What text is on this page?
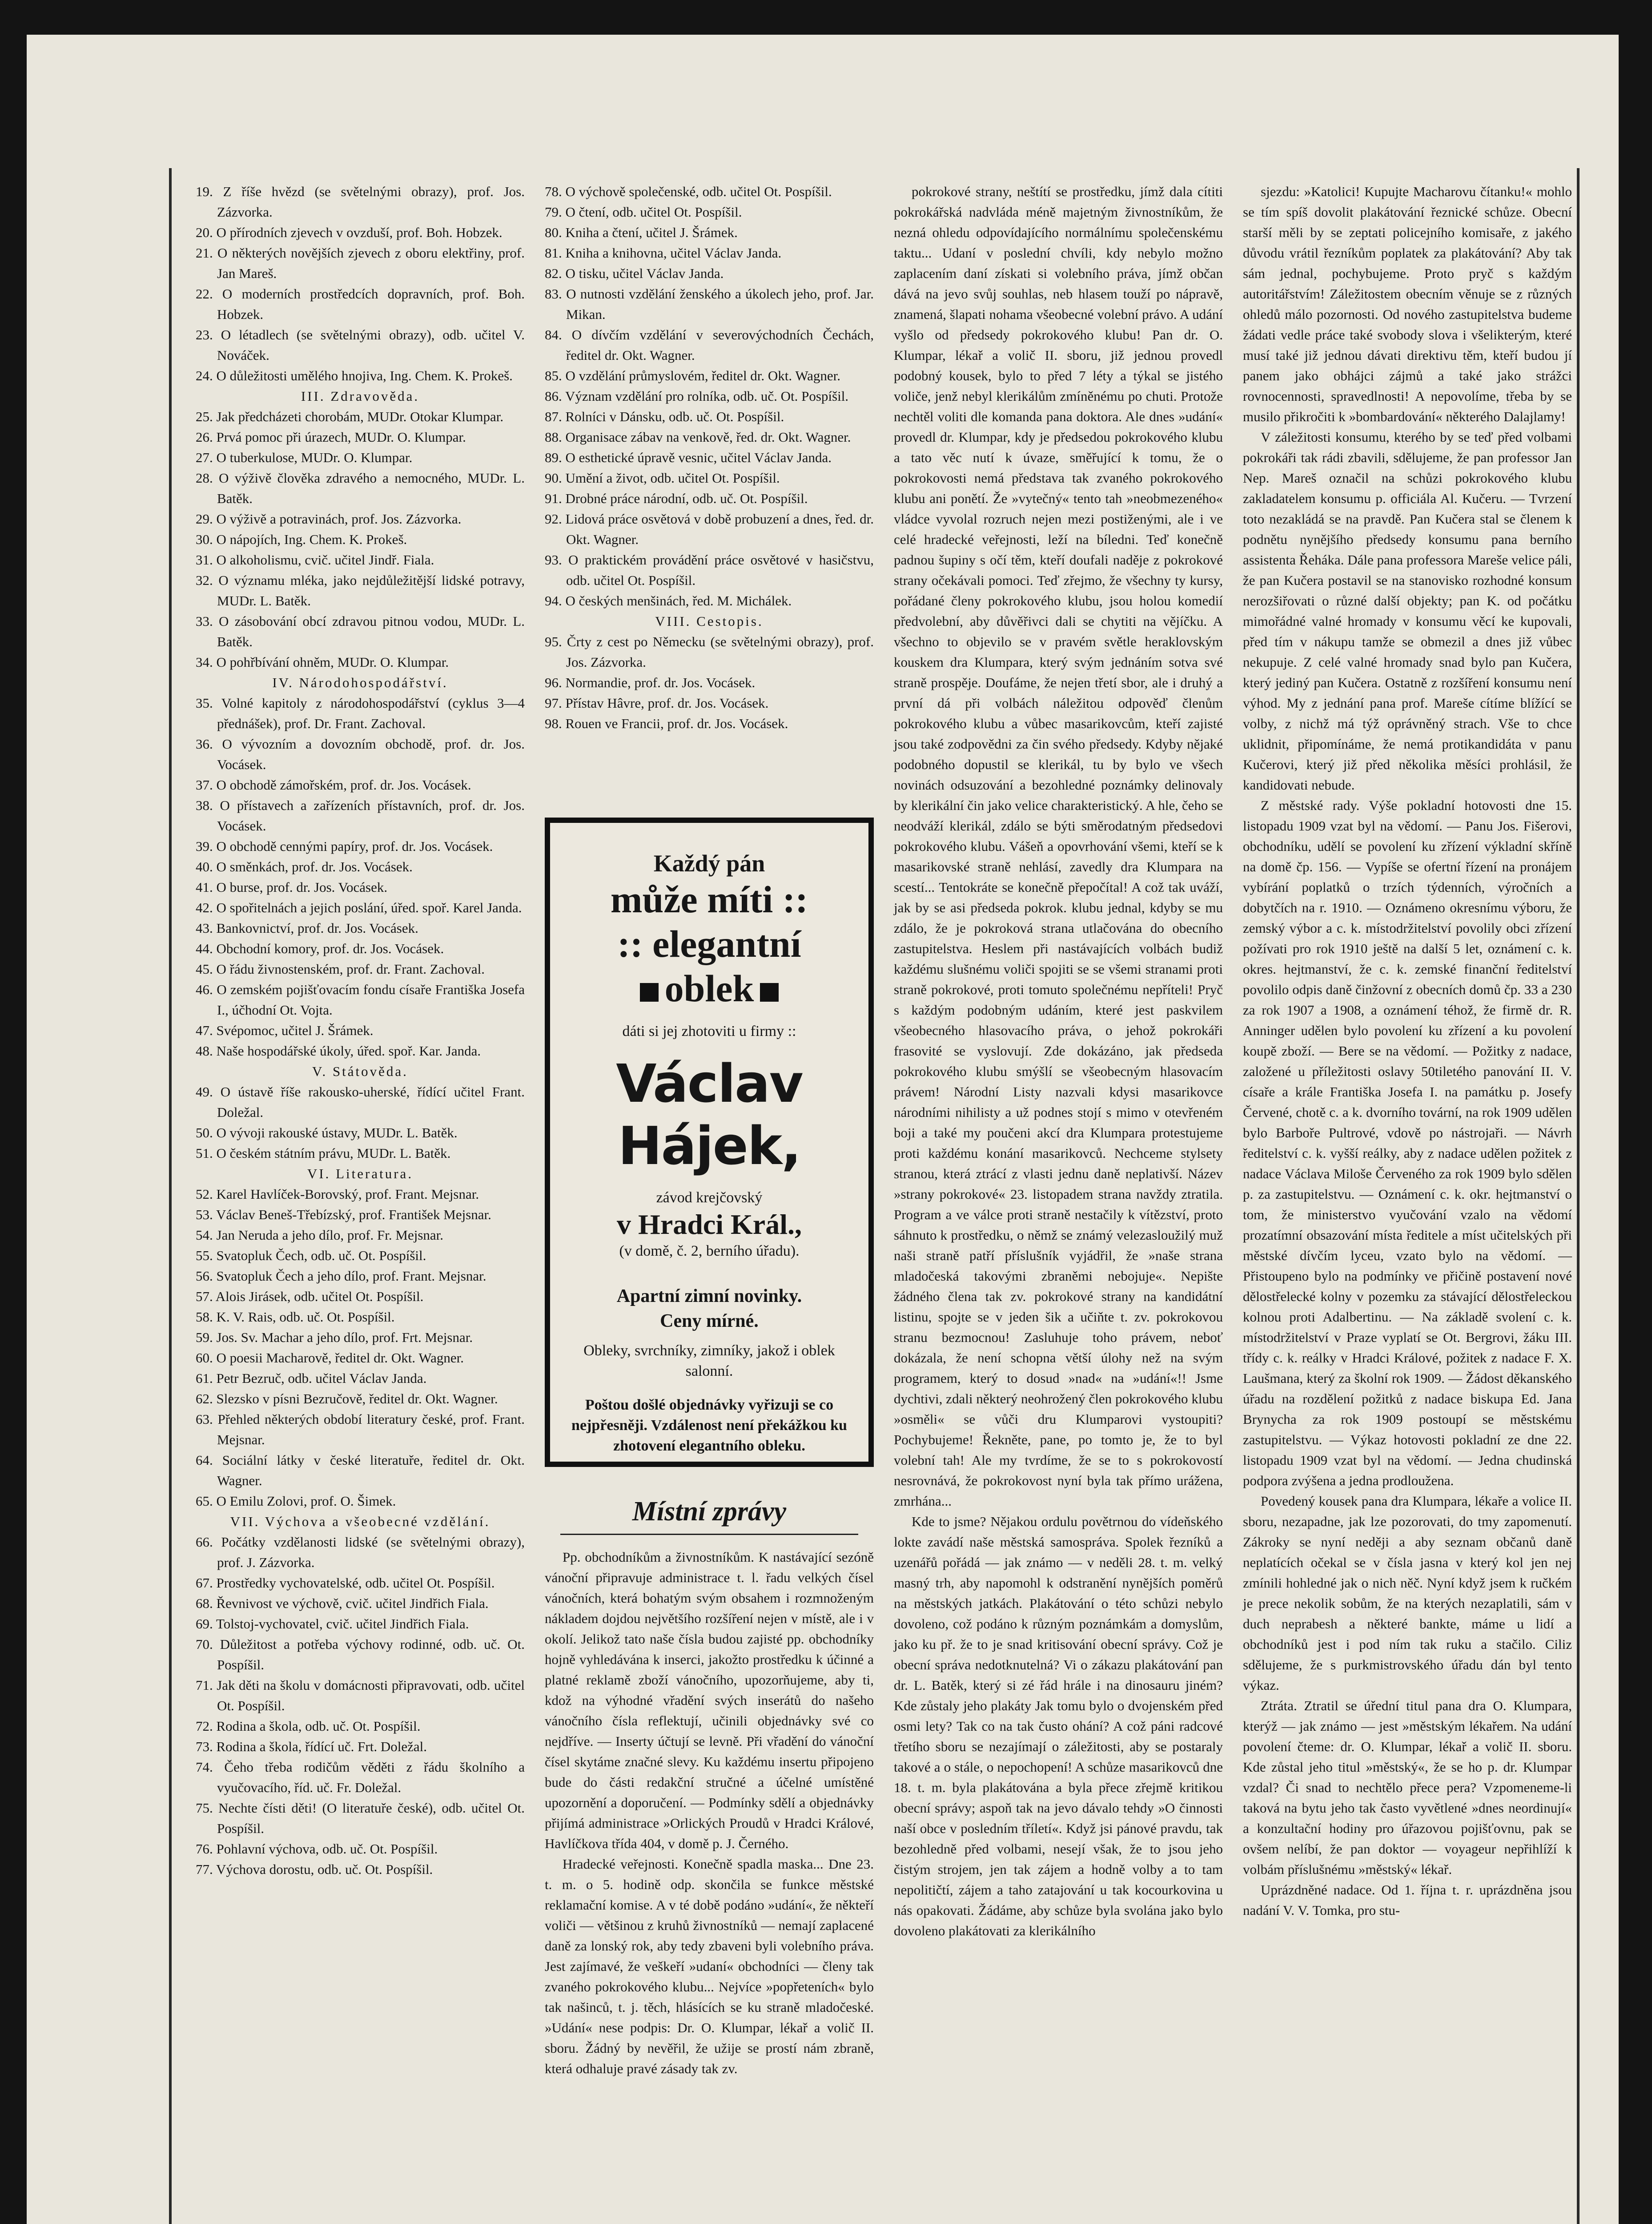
19. Z říše hvězd (se světelnými obrazy), prof. Jos. Zázvorka.

20. O přírodních zjevech v ovzduší, prof. Boh. Hobzek.

21. O některých novějších zjevech z oboru elektřiny, prof. Jan Mareš.

22. O moderních prostředcích dopravních, prof. Boh. Hobzek.

23. O létadlech (se světelnými obrazy), odb. učitel V. Nováček.

24. O důležitosti umělého hnojiva, Ing. Chem. K. Prokeš.

III. Zdravověda.

25. Jak předcházeti chorobám, MUDr. Otokar Klumpar.

26. Prvá pomoc při úrazech, MUDr. O. Klumpar.

27. O tuberkulose, MUDr. O. Klumpar.

28. O výživě člověka zdravého a nemocného, MUDr. L. Batěk.

29. O výživě a potravinách, prof. Jos. Zázvorka.

30. O nápojích, Ing. Chem. K. Prokeš.

31. O alkoholismu, cvič. učitel Jindř. Fiala.

32. O významu mléka, jako nejdůležitější lidské potravy, MUDr. L. Batěk.

33. O zásobování obcí zdravou pitnou vodou, MUDr. L. Batěk.

34. O pohřbívání ohněm, MUDr. O. Klumpar.

IV. Národohospodářství.

35. Volné kapitoly z národohospodářství (cyklus 3—4 přednášek), prof. Dr. Frant. Zachoval.

36. O vývozním a dovozním obchodě, prof. dr. Jos. Vocásek.

37. O obchodě zámořském, prof. dr. Jos. Vocásek.

38. O přístavech a zařízeních přístavních, prof. dr. Jos. Vocásek.

39. O obchodě cennými papíry, prof. dr. Jos. Vocásek.

40. O směnkách, prof. dr. Jos. Vocásek.

41. O burse, prof. dr. Jos. Vocásek.

42. O spořitelnách a jejich poslání, úřed. spoř. Karel Janda.

43. Bankovnictví, prof. dr. Jos. Vocásek.

44. Obchodní komory, prof. dr. Jos. Vocásek.

45. O řádu živnostenském, prof. dr. Frant. Zachoval.

46. O zemském pojišťovacím fondu císaře Františka Josefa I., účhodní Ot. Vojta.

47. Svépomoc, učitel J. Šrámek.

48. Naše hospodářské úkoly, úřed. spoř. Kar. Janda.

V. Státověda.

49. O ústavě říše rakousko-uherské, řídící učitel Frant. Doležal.

50. O vývoji rakouské ústavy, MUDr. L. Batěk.

51. O českém státním právu, MUDr. L. Batěk.

VI. Literatura.

52. Karel Havlíček-Borovský, prof. Frant. Mejsnar.

53. Václav Beneš-Třebízský, prof. František Mejsnar.

54. Jan Neruda a jeho dílo, prof. Fr. Mejsnar.

55. Svatopluk Čech, odb. uč. Ot. Pospíšil.

56. Svatopluk Čech a jeho dílo, prof. Frant. Mejsnar.

57. Alois Jirásek, odb. učitel Ot. Pospíšil.

58. K. V. Rais, odb. uč. Ot. Pospíšil.

59. Jos. Sv. Machar a jeho dílo, prof. Frt. Mejsnar.

60. O poesii Macharově, ředitel dr. Okt. Wagner.

61. Petr Bezruč, odb. učitel Václav Janda.

62. Slezsko v písni Bezručově, ředitel dr. Okt. Wagner.

63. Přehled některých období literatury české, prof. Frant. Mejsnar.

64. Sociální látky v české literatuře, ředitel dr. Okt. Wagner.

65. O Emilu Zolovi, prof. O. Šimek.

VII. Výchova a všeobecné vzdělání.

66. Počátky vzdělanosti lidské (se světelnými obrazy), prof. J. Zázvorka.

67. Prostředky vychovatelské, odb. učitel Ot. Pospíšil.

68. Řevnivost ve výchově, cvič. učitel Jindřich Fiala.

69. Tolstoj-vychovatel, cvič. učitel Jindřich Fiala.

70. Důležitost a potřeba výchovy rodinné, odb. uč. Ot. Pospíšil.

71. Jak děti na školu v domácnosti připravovati, odb. učitel Ot. Pospíšil.

72. Rodina a škola, odb. uč. Ot. Pospíšil.

73. Rodina a škola, řídící uč. Frt. Doležal.

74. Čeho třeba rodičům věděti z řádu školního a vyučovacího, říd. uč. Fr. Doležal.

75. Nechte čísti děti! (O literatuře české), odb. učitel Ot. Pospíšil.

76. Pohlavní výchova, odb. uč. Ot. Pospíšil.

77. Výchova dorostu, odb. uč. Ot. Pospíšil.

78. O výchově společenské, odb. učitel Ot. Pospíšil.

79. O čtení, odb. učitel Ot. Pospíšil.

80. Kniha a čtení, učitel J. Šrámek.

81. Kniha a knihovna, učitel Václav Janda.

82. O tisku, učitel Václav Janda.

83. O nutnosti vzdělání ženského a úkolech jeho, prof. Jar. Mikan.

84. O dívčím vzdělání v severovýchodních Čechách, ředitel dr. Okt. Wagner.

85. O vzdělání průmyslovém, ředitel dr. Okt. Wagner.

86. Význam vzdělání pro rolníka, odb. uč. Ot. Pospíšil.

87. Rolníci v Dánsku, odb. uč. Ot. Pospíšil.

88. Organisace zábav na venkově, řed. dr. Okt. Wagner.

89. O esthetické úpravě vesnic, učitel Václav Janda.

90. Umění a život, odb. učitel Ot. Pospíšil.

91. Drobné práce národní, odb. uč. Ot. Pospíšil.

92. Lidová práce osvětová v době probuzení a dnes, řed. dr. Okt. Wagner.

93. O praktickém provádění práce osvětové v hasičstvu, odb. učitel Ot. Pospíšil.

94. O českých menšinách, řed. M. Michálek.

VIII. Cestopis.

95. Črty z cest po Německu (se světelnými obrazy), prof. Jos. Zázvorka.

96. Normandie, prof. dr. Jos. Vocásek.

97. Přístav Hâvre, prof. dr. Jos. Vocásek.

98. Rouen ve Francii, prof. dr. Jos. Vocásek.

Každý pán
může míti ::
:: elegantní
oblek
dáti si jej zhotoviti u firmy ::
Václav Hájek,
závod krejčovský
v Hradci Král.,
(v domě, č. 2, berního úřadu).
Apartní zimní novinky.
Ceny mírné.
Obleky, svrchníky, zimníky, jakož i oblek salonní.
Poštou došlé objednávky vyřizuji se co nejpřesněji. Vzdálenost není překážkou ku zhotovení elegantního obleku.
Místní zprávy

Pp. obchodníkům a živnostníkům. K nastávající sezóně vánoční připravuje administrace t. l. řadu velkých čísel vánočních, která bohatým svým obsahem i rozmnoženým nákladem dojdou největšího rozšíření nejen v místě, ale i v okolí. Jelikož tato naše čísla budou zajisté pp. obchodníky hojně vyhledávána k inserci, jakožto prostředku k účinné a platné reklamě zboží vánočního, upozorňujeme, aby ti, kdož na výhodné vřadění svých inserátů do našeho vánočního čísla reflektují, učinili objednávky své co nejdříve. — Inserty účtují se levně. Při vřadění do vánoční čísel skytáme značné slevy. Ku každému insertu připojeno bude do části redakční stručné a účelné umístěné upozornění a doporučení. — Podmínky sdělí a objednávky přijímá administrace »Orlických Proudů v Hradci Králové, Havlíčkova třída 404, v domě p. J. Černého.

Hradecké veřejnosti. Konečně spadla maska... Dne 23. t. m. o 5. hodině odp. skončila se funkce městské reklamační komise. A v té době podáno »udání«, že někteří voliči — většinou z kruhů živnostníků — nemají zaplacené daně za lonský rok, aby tedy zbaveni byli volebního práva. Jest zajímavé, že veškeří »udaní« obchodníci — členy tak zvaného pokrokového klubu... Nejvíce »popřeteních« bylo tak našinců, t. j. těch, hlásících se ku straně mladočeské. »Udání« nese podpis: Dr. O. Klumpar, lékař a volič II. sboru. Žádný by nevěřil, že užije se prostí nám zbraně, která odhaluje pravé zásady tak zv.

pokrokové strany, neštítí se prostředku, jímž dala cítiti pokrokářská nadvláda méně majetným živnostníkům, že nezná ohledu odpovídajícího normálnímu společenskému taktu... Udaní v poslední chvíli, kdy nebylo možno zaplacením daní získati si volebního práva, jímž občan dává na jevo svůj souhlas, neb hlasem touží po nápravě, znamená, šlapati nohama všeobecné volební právo. A udání vyšlo od předsedy pokrokového klubu! Pan dr. O. Klumpar, lékař a volič II. sboru, již jednou provedl podobný kousek, bylo to před 7 léty a týkal se jistého voliče, jenž nebyl klerikálům zmíněnému po chuti. Protože nechtěl voliti dle komanda pana doktora. Ale dnes »udání« provedl dr. Klumpar, kdy je předsedou pokrokového klubu a tato věc nutí k úvaze, směřující k tomu, že o pokrokovosti nemá představa tak zvaného pokrokového klubu ani ponětí. Že »vytečný« tento tah »neobmezeného« vládce vyvolal rozruch nejen mezi postiženými, ale i ve celé hradecké veřejnosti, leží na bíledni. Teď konečně padnou šupiny s očí těm, kteří doufali naděje z pokrokové strany očekávali pomoci. Teď zřejmo, že všechny ty kursy, pořádané členy pokrokového klubu, jsou holou komedií předvolební, aby důvěřivci dali se chytiti na vějíčku. A všechno to objevilo se v pravém světle heraklovským kouskem dra Klumpara, který svým jednáním sotva své straně prospěje. Doufáme, že nejen třetí sbor, ale i druhý a první dá při volbách náležitou odpověď členům pokrokového klubu a vůbec masarikovcům, kteří zajisté jsou také zodpovědni za čin svého předsedy. Kdyby nějaké podobného dopustil se klerikál, tu by bylo ve všech novinách odsuzování a bezohledné poznámky delinovaly by klerikální čin jako velice charakteristický. A hle, čeho se neodváží klerikál, zdálo se býti směrodatným předsedovi pokrokového klubu. Vášeň a opovrhování všemi, kteří se k masarikovské straně nehlásí, zavedly dra Klumpara na scestí... Tentokráte se konečně přepočítal! A což tak uváží, jak by se asi předseda pokrok. klubu jednal, kdyby se mu zdálo, že je pokroková strana utlačována do obecního zastupitelstva. Heslem při nastávajících volbách budiž každému slušnému voliči spojiti se se všemi stranami proti straně pokrokové, proti tomuto společnému nepříteli! Pryč s každým podobným udáním, které jest paskvilem všeobecného hlasovacího práva, o jehož pokrokáři frasovité se vyslovují. Zde dokázáno, jak předseda pokrokového klubu smýšlí se všeobecným hlasovacím právem! Národní Listy nazvali kdysi masarikovce národními nihilisty a už podnes stojí s mimo v otevřeném boji a také my poučeni akcí dra Klumpara protestujeme proti každému konání masarikovců. Nechceme stylsety stranou, která ztrácí z vlasti jednu daně neplativší. Název »strany pokrokové« 23. listopadem strana navždy ztratila. Program a ve válce proti straně nestačily k vítězství, proto sáhnuto k prostředku, o němž se známý velezasloužilý muž naši straně patří příslušník vyjádřil, že »naše strana mladočeská takovými zbraněmi nebojuje«. Nepište žádného člena tak zv. pokrokové strany na kandidátní listinu, spojte se v jeden šik a učiňte t. zv. pokrokovou stranu bezmocnou! Zasluhuje toho právem, neboť dokázala, že není schopna větší úlohy než na svým programem, který to dosud »nad« na »udání«!! Jsme dychtivi, zdali některý neohrožený člen pokrokového klubu »osměli« se vůči dru Klumparovi vystoupiti? Pochybujeme! Řekněte, pane, po tomto je, že to byl volební tah! Ale my tvrdíme, že se to s pokrokovostí nesrovnává, že pokrokovost nyní byla tak přímo urážena, zmrhána...

Kde to jsme? Nějakou ordulu povětrnou do vídeňského lokte zavádí naše městská samospráva. Spolek řezníků a uzenářů pořádá — jak známo — v neděli 28. t. m. velký masný trh, aby napomohl k odstranění nynějších poměrů na městských jatkách. Plakátování o této schůzi nebylo dovoleno, což podáno k různým poznámkám a domyslům, jako ku př. že to je snad kritisování obecní správy. Což je obecní správa nedotknutelná? Vi o zákazu plakátování pan dr. L. Batěk, který si zé řád hrále i na dinosauru jiném? Kde zůstaly jeho plakáty Jak tomu bylo o dvojenském před osmi lety? Tak co na tak čusto ohání? A což páni radcové třetího sboru se nezajímají o záležitosti, aby se postaraly takové a o stále, o nepochopení! A schůze masarikovců dne 18. t. m. byla plakátována a byla přece zřejmě kritikou obecní správy; aspoň tak na jevo dávalo tehdy »O činnosti naší obce v posledním tříletí«. Když jsi pánové pravdu, tak bezohledně před volbami, nesejí však, že to jsou jeho čistým strojem, jen tak zájem a hodně volby a to tam nepolitičtí, zájem a taho zatajování u tak kocourkovina u nás opakovati. Žádáme, aby schůze byla svolána jako bylo dovoleno plakátovati za klerikálního

sjezdu: »Katolici! Kupujte Macharovu čítanku!« mohlo se tím spíš dovolit plakátování řeznické schůze. Obecní starší měli by se zeptati policejního komisaře, z jakého důvodu vrátil řezníkům poplatek za plakátování? Aby tak sám jednal, pochybujeme. Proto pryč s každým autoritářstvím! Záležitostem obecním věnuje se z různých ohledů málo pozornosti. Od nového zastupitelstva budeme žádati vedle práce také svobody slova i všelikterým, které musí také již jednou dávati direktivu těm, kteří budou jí panem jako obhájci zájmů a také jako strážci rovnocennosti, spravedlnosti! A nepovolíme, třeba by se musilo přikročiti k »bombardování« některého Dalajlamy!

V záležitosti konsumu, kterého by se teď před volbami pokrokáři tak rádi zbavili, sdělujeme, že pan professor Jan Nep. Mareš označil na schůzi pokrokového klubu zakladatelem konsumu p. officiála Al. Kučeru. — Tvrzení toto nezakládá se na pravdě. Pan Kučera stal se členem k podnětu nynějšího předsedy konsumu pana berního assistenta Řeháka. Dále pana professora Mareše velice páli, že pan Kučera postavil se na stanovisko rozhodné konsum nerozšiřovati o různé další objekty; pan K. od počátku mimořádné valné hromady v konsumu věcí ke kupovali, před tím v nákupu tamže se obmezil a dnes již vůbec nekupuje. Z celé valné hromady snad bylo pan Kučera, který jediný pan Kučera. Ostatně z rozšíření konsumu není výhod. My z jednání pana prof. Mareše cítíme blížící se volby, z nichž má týž oprávněný strach. Vše to chce uklidnit, připomínáme, že nemá protikandidáta v panu Kučerovi, který již před několika měsíci prohlásil, že kandidovati nebude.

Z městské rady. Výše pokladní hotovosti dne 15. listopadu 1909 vzat byl na vědomí. — Panu Jos. Fišerovi, obchodníku, udělí se povolení ku zřízení výkladní skříně na domě čp. 156. — Vypíše se ofertní řízení na pronájem vybírání poplatků o trzích týdenních, výročních a dobytčích na r. 1910. — Oznámeno okresnímu výboru, že zemský výbor a c. k. místodržitelství povolily obci zřízení požívati pro rok 1910 ještě na další 5 let, oznámení c. k. okres. hejtmanství, že c. k. zemské finanční ředitelství povolilo odpis daně činžovní z obecních domů čp. 33 a 230 za rok 1907 a 1908, a oznámení téhož, že firmě dr. R. Anninger udělen bylo povolení ku zřízení a ku povolení koupě zboží. — Bere se na vědomí. — Požitky z nadace, založené u příležitosti oslavy 50tiletého panování II. V. císaře a krále Františka Josefa I. na památku p. Josefy Červené, chotě c. a k. dvorního tovární, na rok 1909 udělen bylo Barboře Pultrové, vdově po nástrojaři. — Návrh ředitelství c. k. vyšší reálky, aby z nadace udělen požitek z nadace Václava Miloše Červeného za rok 1909 bylo sdělen p. za zastupitelstvu. — Oznámení c. k. okr. hejtmanství o tom, že ministerstvo vyučování vzalo na vědomí prozatímní obsazování místa ředitele a míst učitelských při městské dívčím lyceu, vzato bylo na vědomí. — Přistoupeno bylo na podmínky ve přičině postavení nové dělostřelecké kolny v pozemku za stávající dělostřeleckou kolnou proti Adalbertinu. — Na základě svolení c. k. místodržitelství v Praze vyplatí se Ot. Bergrovi, žáku III. třídy c. k. reálky v Hradci Králové, požitek z nadace F. X. Laušmana, který za školní rok 1909. — Žádost děkanského úřadu na rozdělení požitků z nadace biskupa Ed. Jana Brynycha za rok 1909 postoupí se městskému zastupitelstvu. — Výkaz hotovosti pokladní ze dne 22. listopadu 1909 vzat byl na vědomí. — Jedna chudinská podpora zvýšena a jedna prodloužena.

Povedený kousek pana dra Klumpara, lékaře a volice II. sboru, nezapadne, jak lze pozorovati, do tmy zapomenutí. Zákroky se nyní neději a aby seznam občanů daně neplatících očekal se v čísla jasna v který kol jen nej zmínili hohledné jak o nich něč. Nyní když jsem k ručkém je prece nekolik sobům, že na kterých nezaplatili, sám v duch neprabesh a některé bankte, máme u lidí a obchodníků jest i pod ním tak ruku a stačilo. Ciliz sdělujeme, že s purkmistrovského úřadu dán byl tento výkaz.

Ztráta. Ztratil se úřední titul pana dra O. Klumpara, kterýž — jak známo — jest »městským lékařem. Na udání povolení čteme: dr. O. Klumpar, lékař a volič II. sboru. Kde zůstal jeho titul »městský«, že se ho p. dr. Klumpar vzdal? Či snad to nechtělo přece pera? Vzpomeneme-li taková na bytu jeho tak často vyvětlené »dnes neordinují« a konzultační hodiny pro úřazovou pojišťovnu, pak se ovšem nelíbí, že pan doktor — voyageur nepřihlíží k volbám příslušnému »městský« lékař.

Uprázdněné nadace. Od 1. října t. r. uprázdněna jsou nadání V. V. Tomka, pro stu-
